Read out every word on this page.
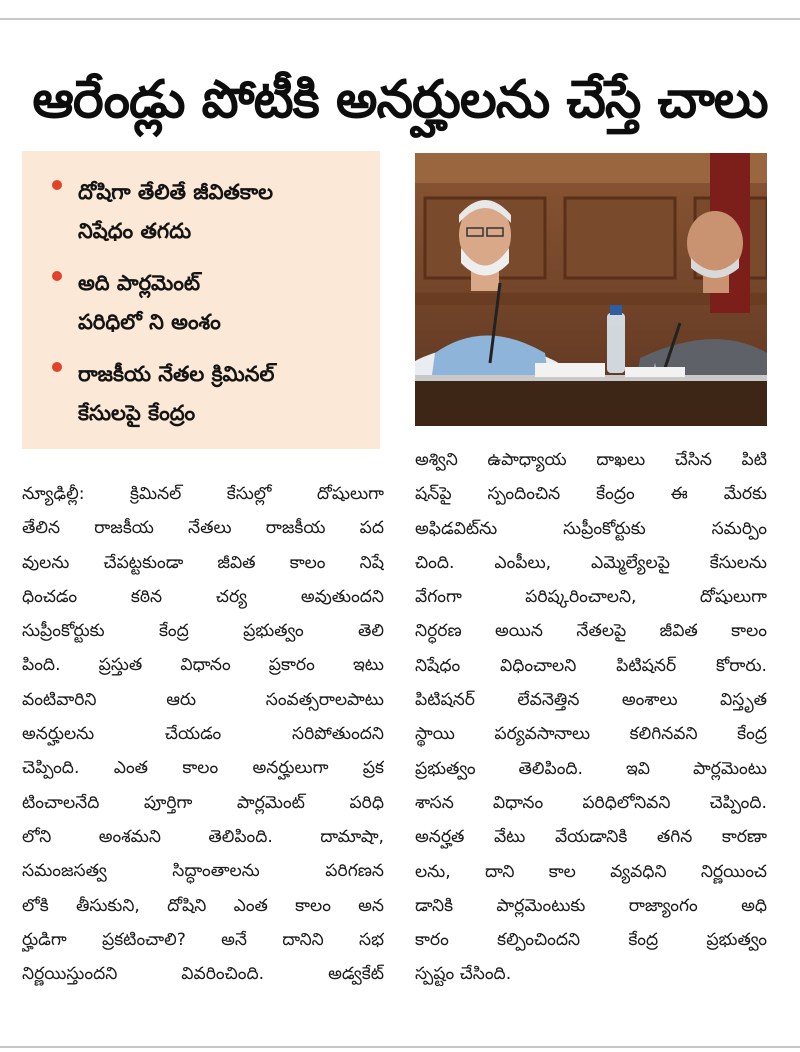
ఆరేండ్లు పోటీకి అనర్హులను చేస్తే చాలు
దోషిగా తేలితే జీవితకాల
నిషేధం తగదు
అది పార్లమెంట్
పరిధిలో ని అంశం
రాజకీయ నేతల క్రిమినల్
కేసులపై కేంద్రం
న్యూఢిల్లీ: క్రిమినల్ కేసుల్లో దోషులుగా
తేలిన రాజకీయ నేతలు రాజకీయ పద
వులను చేపట్టకుండా జీవిత కాలం నిషే
ధించడం కఠిన చర్య అవుతుందని
సుప్రీంకోర్టుకు కేంద్ర ప్రభుత్వం తెలి
పింది. ప్రస్తుత విధానం ప్రకారం ఇటు
వంటివారిని ఆరు సంవత్సరాలపాటు
అనర్హులను చేయడం సరిపోతుందని
చెప్పింది. ఎంత కాలం అనర్హులుగా ప్రక
టించాలనేది పూర్తిగా పార్లమెంట్ పరిధి
లోని అంశమని తెలిపింది. దామాషా,
సమంజసత్వ సిద్ధాంతాలను పరిగణన
లోకి తీసుకుని, దోషిని ఎంత కాలం అన
ర్హుడిగా ప్రకటించాలి? అనే దానిని సభ
నిర్ణయిస్తుందని వివరించింది. అడ్వకేట్
అశ్విని ఉపాధ్యాయ దాఖలు చేసిన పిటి
షన్‌పై స్పందించిన కేంద్రం ఈ మేరకు
అఫిడవిట్‌ను సుప్రీంకోర్టుకు సమర్పిం
చింది. ఎంపీలు, ఎమ్మెల్యేలపై కేసులను
వేగంగా పరిష్కరించాలని, దోషులుగా
నిర్ధరణ అయిన నేతలపై జీవిత కాలం
నిషేధం విధించాలని పిటిషనర్ కోరారు.
పిటిషనర్ లేవనెత్తిన అంశాలు విస్తృత
స్థాయి పర్యవసానాలు కలిగినవని కేంద్ర
ప్రభుత్వం తెలిపింది. ఇవి పార్లమెంటు
శాసన విధానం పరిధిలోనివని చెప్పింది.
అనర్హత వేటు వేయడానికి తగిన కారణా
లను, దాని కాల వ్యవధిని నిర్ణయించ
డానికి పార్లమెంటుకు రాజ్యాంగం అధి
కారం కల్పించిందని కేంద్ర ప్రభుత్వం
స్పష్టం చేసింది.
